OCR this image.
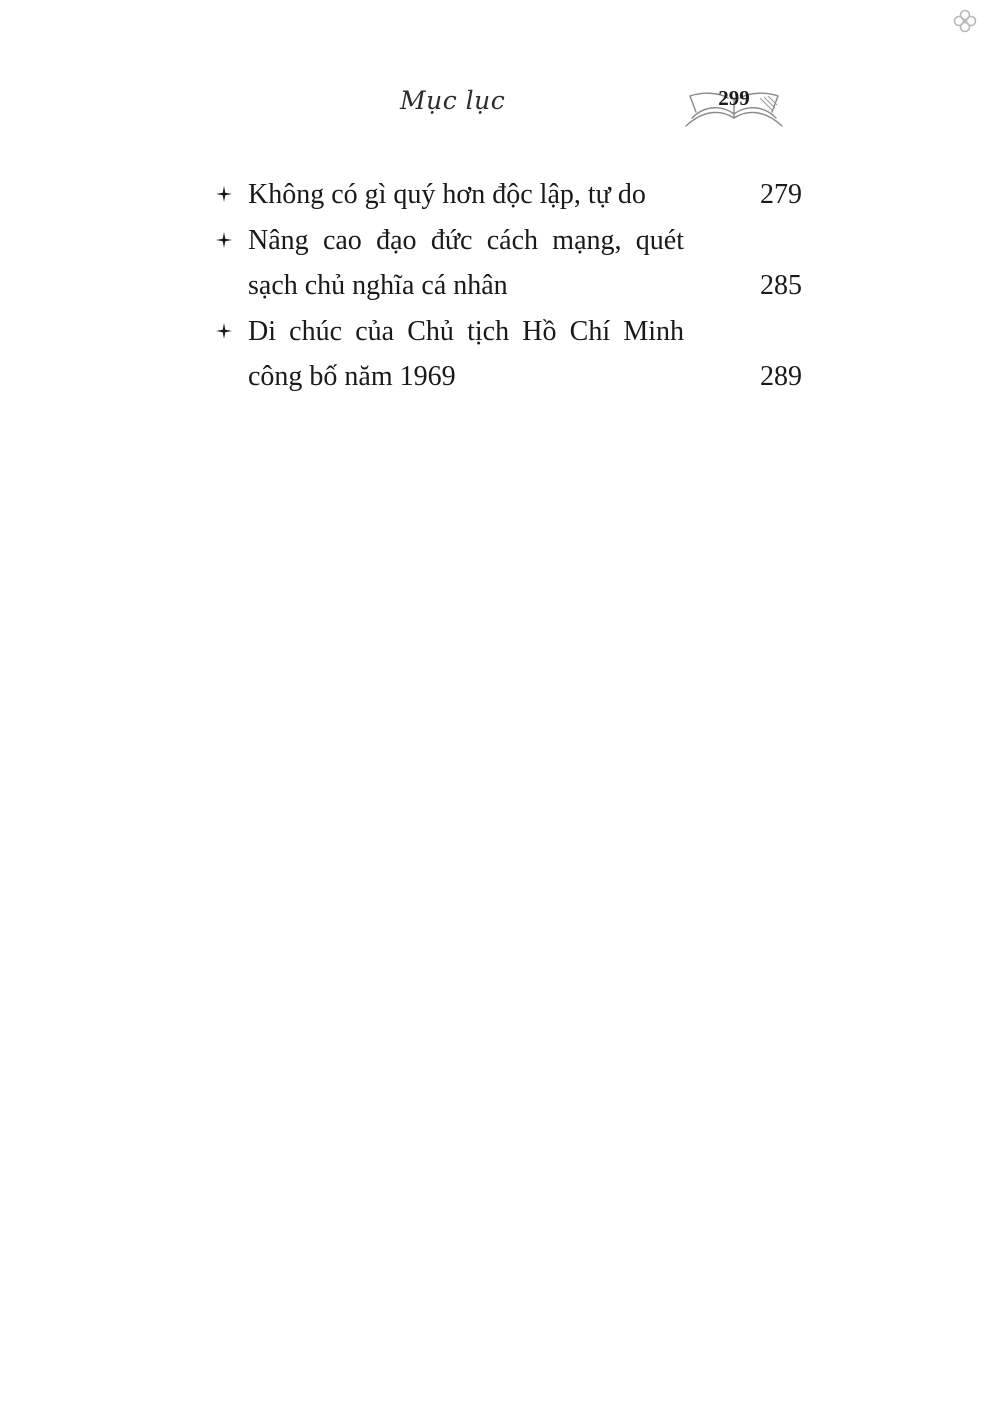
Mục lục	299
Không có gì quý hơn độc lập, tự do	279
Nâng cao đạo đức cách mạng, quét
sạch chủ nghĩa cá nhân	285
Di chúc của Chủ tịch Hồ Chí Minh
công bố năm 1969	289
